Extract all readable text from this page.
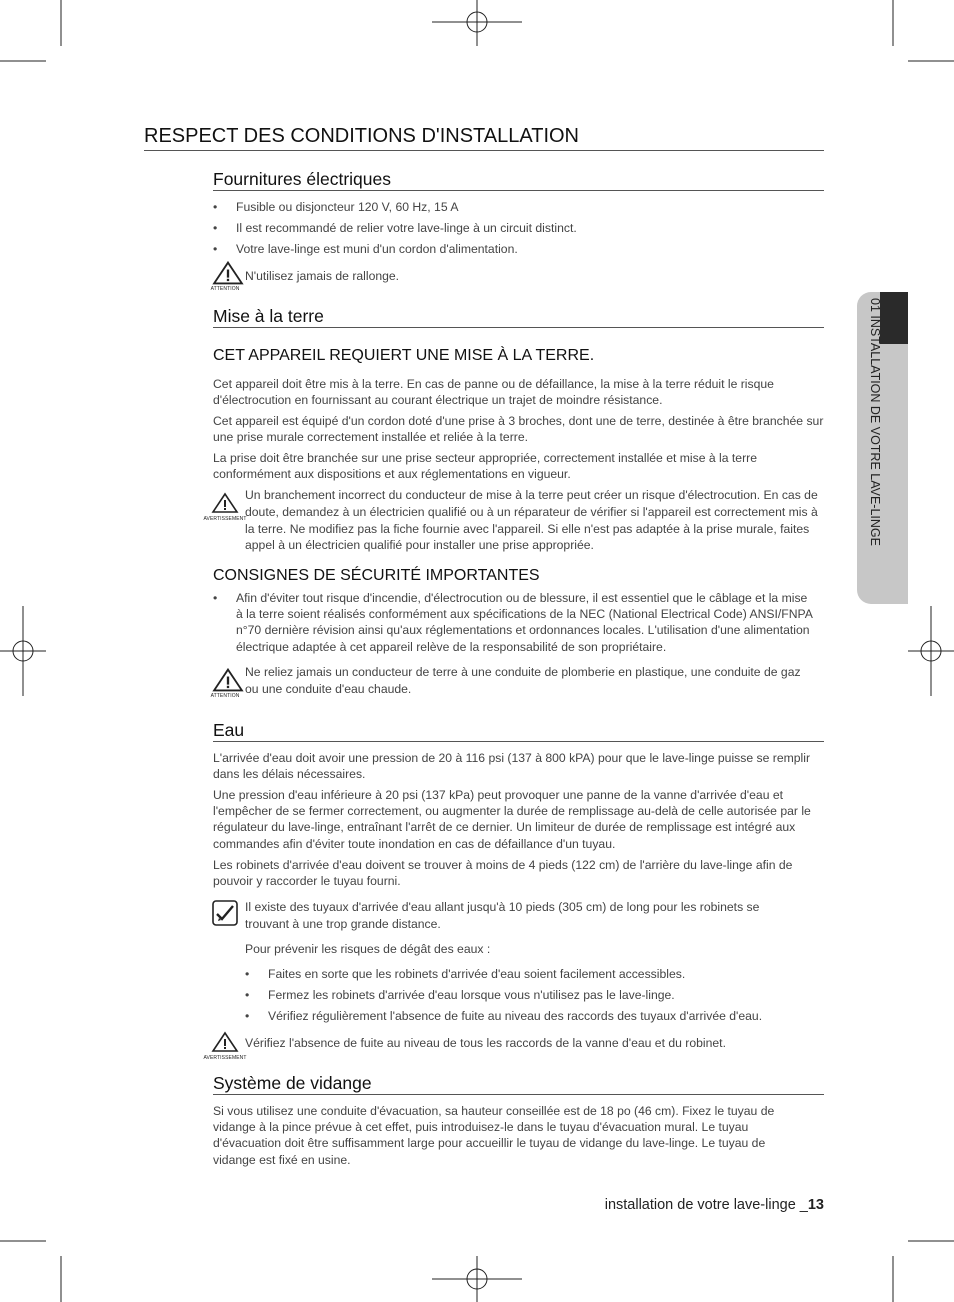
01 INSTALLATION DE VOTRE LAVE-LINGE
RESPECT DES CONDITIONS D'INSTALLATION
Fournitures électriques
• Fusible ou disjoncteur 120 V, 60 Hz, 15 A
• Il est recommandé de relier votre lave-linge à un circuit distinct.
• Votre lave-linge est muni d'un cordon d'alimentation.
ATTENTION
N'utilisez jamais de rallonge.
Mise à la terre
CET APPAREIL REQUIERT UNE MISE À LA TERRE.
Cet appareil doit être mis à la terre. En cas de panne ou de défaillance, la mise à la terre réduit le risque d'électrocution en fournissant au courant électrique un trajet de moindre résistance.
Cet appareil est équipé d'un cordon doté d'une prise à 3 broches, dont une de terre, destinée à être branchée sur une prise murale correctement installée et reliée à la terre.
La prise doit être branchée sur une prise secteur appropriée, correctement installée et mise à la terre conformément aux dispositions et aux réglementations en vigueur.
AVERTISSEMENT
Un branchement incorrect du conducteur de mise à la terre peut créer un risque d'électrocution. En cas de doute, demandez à un électricien qualifié ou à un réparateur de vérifier si l'appareil est correctement mis à la terre. Ne modifiez pas la fiche fournie avec l'appareil. Si elle n'est pas adaptée à la prise murale, faites appel à un électricien qualifié pour installer une prise appropriée.
CONSIGNES DE SÉCURITÉ IMPORTANTES
• Afin d'éviter tout risque d'incendie, d'électrocution ou de blessure, il est essentiel que le câblage et la mise à la terre soient réalisés conformément aux spécifications de la NEC (National Electrical Code) ANSI/FNPA n°70 dernière révision ainsi qu'aux réglementations et ordonnances locales. L'utilisation d'une alimentation électrique adaptée à cet appareil relève de la responsabilité de son propriétaire.
ATTENTION
Ne reliez jamais un conducteur de terre à une conduite de plomberie en plastique, une conduite de gaz ou une conduite d'eau chaude.
Eau
L'arrivée d'eau doit avoir une pression de 20 à 116 psi (137 à 800 kPA) pour que le lave-linge puisse se remplir dans les délais nécessaires.
Une pression d'eau inférieure à 20 psi (137 kPa) peut provoquer une panne de la vanne d'arrivée d'eau et l'empêcher de se fermer correctement, ou augmenter la durée de remplissage au-delà de celle autorisée par le régulateur du lave-linge, entraînant l'arrêt de ce dernier. Un limiteur de durée de remplissage est intégré aux commandes afin d'éviter toute inondation en cas de défaillance d'un tuyau.
Les robinets d'arrivée d'eau doivent se trouver à moins de 4 pieds (122 cm) de l'arrière du lave-linge afin de pouvoir y raccorder le tuyau fourni.
Il existe des tuyaux d'arrivée d'eau allant jusqu'à 10 pieds (305 cm) de long pour les robinets se trouvant à une trop grande distance.
Pour prévenir les risques de dégât des eaux :
• Faites en sorte que les robinets d'arrivée d'eau soient facilement accessibles.
• Fermez les robinets d'arrivée d'eau lorsque vous n'utilisez pas le lave-linge.
• Vérifiez régulièrement l'absence de fuite au niveau des raccords des tuyaux d'arrivée d'eau.
AVERTISSEMENT
Vérifiez l'absence de fuite au niveau de tous les raccords de la vanne d'eau et du robinet.
Système de vidange
Si vous utilisez une conduite d'évacuation, sa hauteur conseillée est de 18 po (46 cm). Fixez le tuyau de vidange à la pince prévue à cet effet, puis introduisez-le dans le tuyau d'évacuation mural. Le tuyau d'évacuation doit être suffisamment large pour accueillir le tuyau de vidange du lave-linge. Le tuyau de vidange est fixé en usine.
installation de votre lave-linge _13
